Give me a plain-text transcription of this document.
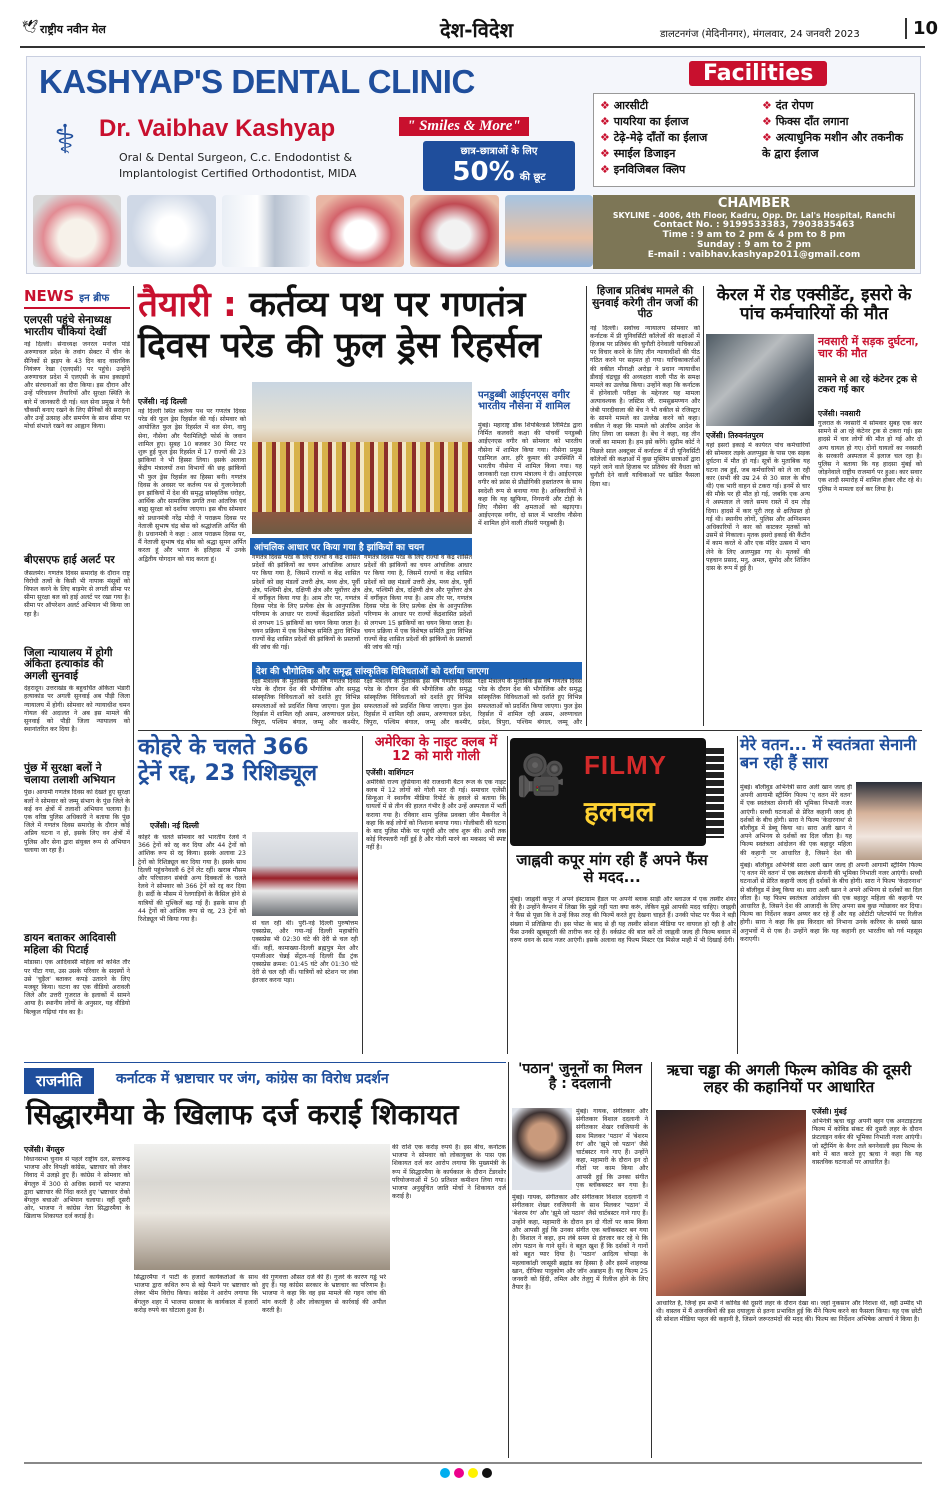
🕊 राष्ट्रीय नवीन मेल	देश-विदेश	डालटनगंज (मेदिनीनगर), मंगलवार, 24 जनवरी 2023	10
KASHYAP'S DENTAL CLINIC
⚕ Dr. Vaibhav Kashyap	" Smiles & More"
Oral & Dental Surgeon, C.c. Endodontist &
Implantologist Certified Orthodontist, MIDA
छात्र-छात्राओं के लिए
50% की छूट
Facilities
❖ आरसीटी
❖ पायरिया का ईलाज
❖ टेढ़े-मेढ़े दाँतों का ईलाज
❖ स्माईल डिजाइन
❖ इनविजिबल क्लिप
❖ दंत रोपण
❖ फिक्स दाँत लगाना
❖ अत्याधुनिक मशीन और तकनीक के द्वारा ईलाज
CHAMBER
SKYLINE - 4006, 4th Floor, Kadru, Opp. Dr. Lal's Hospital, Ranchi
Contact No. : 9199533383, 7903835463
Time : 9 am to 2 pm & 4 pm to 8 pm
Sunday : 9 am to 2 pm
E-mail : vaibhav.kashyap2011@gmail.com
NEWS इन ब्रीफ
एलएसी पहुंचे सेनाध्यक्ष भारतीय चौकियां देखीं
नई दिल्ली। सेनाध्यक्ष जनरल मनोज पांडे अरुणाचल प्रदेश के तवांग सेक्टर में चीन के सैनिकों से झड़प के 43 दिन बाद वास्तविक नियंत्रण रेखा (एलएसी) पर पहुंचे। उन्होंने अरुणाचल प्रदेश में एलएसी के साथ इकाइयों और संरचनाओं का दौरा किया। इस दौरान और उन्हें परिचालन तैयारियों और सुरक्षा स्थिति के बारे में जानकारी दी गई। थल सेना प्रमुख ने पैनी चौकसी बनाए रखने के लिए सैनिकों की सराहना और उन्हें उत्साह और समर्पण के साथ सीमा पर मोर्चा संभाले रखने का आह्वान किया।
बीएसएफ हाई अलर्ट पर
जैसलमेर। गणतंत्र दिवस समारोह के दौरान राष्ट्र विरोधी तत्वों के किसी भी नापाक मंसूबों को विफल करने के लिए बाड़मेर से लगती सीमा पर सीमा सुरक्षा बल को हाई अलर्ट पर रखा गया है। सीमा पर ऑपरेशन अलर्ट अभियान भी किया जा रहा है।
जिला न्यायालय में होगी अंकिता हत्याकांड की अगली सुनवाई
देहरादून। उत्तराखंड के बहुचर्चित अंकिता भंडारी हत्याकांड पर अगली सुनवाई अब पौड़ी जिला न्यायालय में होगी। सोमवार को न्यायाधीश चमन गोयल की अदालत ने अब इस मामले की सुनवाई को पौड़ी जिला न्यायालय को स्थानांतरित कर दिया है।
पुंछ में सुरक्षा बलों ने चलाया तलाशी अभियान
पुंछ। आगामी गणतंत्र दिवस को देखते हुए सुरक्षा बलों ने सोमवार को जम्मू संभाग के पुंछ जिले के कई वन क्षेत्रों में तलाशी अभियान चलाया है। एक वरिष्ठ पुलिस अधिकारी ने बताया कि पुंछ जिले में गणतंत्र दिवस समारोह के दौरान कोई अप्रिय घटना न हो, इसके लिए वन क्षेत्रों में पुलिस और सेना द्वारा संयुक्त रूप से अभियान चलाया जा रहा है।
डायन बताकर आदिवासी महिला की पिटाई
मोडासा। एक आदिवासी महिला को कथित तौर पर पीटा गया, उस उसके परिवार के सदस्यों ने उसे 'चुड़ैल' बताकर कपड़े उतारने के लिए मजबूर किया। घटना का एक वीडियो अरावली जिले और उत्तरी गुजरात के इलाकों में सामने आया है। स्थानीय लोगों के अनुसार, यह वीडियो बिल्कुल गढ़ियां गांव का है।
तैयारी : कर्तव्य पथ पर गणतंत्र
दिवस परेड की फुल ड्रेस रिहर्सल
एजेंसी। नई दिल्ली
नई दिल्ली स्थित कर्तव्य पथ पर गणतंत्र दिवस परेड की फुल ड्रेस रिहर्सल की गई। सोमवार को आयोजित फुल ड्रेस रिहर्सल में थल सेना, वायु सेना, नौसेना और पैरामिलिट्री फोर्स के जवान शामिल हुए। सुबह 10 बजकर 30 मिनट पर शुरू हुई फुल ड्रेस रिहर्सल में 17 राज्यों की 23 झांकियां ने भी हिस्सा लिया। इसके अलावा केंद्रीय मंत्रालयों तथा विभागों की छह झांकियों भी फुल ड्रेस रिहर्सल का हिस्सा बनी। गणतंत्र दिवस के अवसर पर कर्तव्य पथ से गुजरनेवाली इन झांकियों में देश की समृद्ध सांस्कृतिक धरोहर, आर्थिक और सामाजिक प्रगति तथा आंतरिक एवं बाह्य सुरक्षा को दर्शाया जाएगा। इस बीच सोमवार को प्रधानमंत्री नरेंद्र मोदी ने पराक्रम दिवस पर नेताजी सुभाष चंद्र बोस को श्रद्धांजलि अर्पित की है। प्रधानमंत्री ने कहा : आज पराक्रम दिवस पर, मैं नेताजी सुभाष चंद्र बोस को श्रद्धा सुमन अर्पित करता हूं और भारत के इतिहास में उनके अद्वितीय योगदान को याद करता हूं।
आंचलिक आधार पर किया गया है झांकियों का चयन
गणतंत्र दिवस परेड के लिए राज्यों व केंद्र शासित प्रदेशों की झांकियों का चयन आंचलिक आधार पर किया गया है, जिसमें राज्यों व केंद्र शासित प्रदेशों को छह मंडलों उत्तरी क्षेत्र, मध्य क्षेत्र, पूर्वी क्षेत्र, पश्चिमी क्षेत्र, दक्षिणी क्षेत्र और पूर्वोत्तर क्षेत्र में वर्गीकृत किया गया है। आम तौर पर, गणतंत्र दिवस परेड के लिए प्रत्येक क्षेत्र के आनुपातिक परिणाम के आधार पर राज्यों केंद्रशासित प्रदेशों से लगभग 15 झांकियों का चयन किया जाता है। चयन प्रक्रिया में एक विशेषज्ञ समिति द्वारा विभिन्न राज्यों केंद्र शासित प्रदेशों की झांकियों के प्रस्तावों की जांच की गई।
गणतंत्र दिवस परेड के लिए राज्यों व केंद्र शासित प्रदेशों की झांकियों का चयन आंचलिक आधार पर किया गया है, जिसमें राज्यों व केंद्र शासित प्रदेशों को छह मंडलों उत्तरी क्षेत्र, मध्य क्षेत्र, पूर्वी क्षेत्र, पश्चिमी क्षेत्र, दक्षिणी क्षेत्र और पूर्वोत्तर क्षेत्र में वर्गीकृत किया गया है। आम तौर पर, गणतंत्र दिवस परेड के लिए प्रत्येक क्षेत्र के आनुपातिक परिणाम के आधार पर राज्यों केंद्रशासित प्रदेशों से लगभग 15 झांकियों का चयन किया जाता है। चयन प्रक्रिया में एक विशेषज्ञ समिति द्वारा विभिन्न राज्यों केंद्र शासित प्रदेशों की झांकियों के प्रस्तावों की जांच की गई।
पनडुब्बी आईएनएस वगीर भारतीय नौसेना में शामिल
मुंबई। महाराष्ट्र डॉक शिपबिल्डर्स लिमिटेड द्वारा निर्मित कलवरी कक्षा की पांचवीं पनडुब्बी आईएनएस वगीर को सोमवार को भारतीय नौसेना में शामिल किया गया। नौसेना प्रमुख एडमिरल आर. हरि कुमार की उपस्थिति में भारतीय नौसेना में शामिल किया गया। यह जानकारी रक्षा राज्य मंत्रालय ने दी। आईएनएस वगीर को फ्रांस से प्रौद्योगिकी हस्तांतरण के साथ स्वदेशी रूप से बनाया गया है। अधिकारियों ने कहा कि यह खुफिया, निगरानी और टोही के लिए नौसेना की क्षमताओं को बढ़ाएगा। आईएनएस वगीर, दो साल में भारतीय नौसेना में शामिल होने वाली तीसरी पनडुब्बी है।
देश की भौगोलिक और समृद्ध सांस्कृतिक विविधताओं को दर्शाया जाएगा
रक्षा मंत्रालय के मुताबिक इस वर्ष गणतंत्र दिवस परेड के दौरान देश की भौगोलिक और समृद्ध सांस्कृतिक विविधताओं को दर्शाते हुए विभिन्न सफलताओं को प्रदर्शित किया जाएगा। फुल ड्रेस रिहर्सल में शामिल रही असम, अरुणाचल प्रदेश, त्रिपुरा, पश्चिम बंगाल, जम्मू और कश्मीर,
रक्षा मंत्रालय के मुताबिक इस वर्ष गणतंत्र दिवस परेड के दौरान देश की भौगोलिक और समृद्ध सांस्कृतिक विविधताओं को दर्शाते हुए विभिन्न सफलताओं को प्रदर्शित किया जाएगा। फुल ड्रेस रिहर्सल में शामिल रही असम, अरुणाचल प्रदेश, त्रिपुरा, पश्चिम बंगाल, जम्मू और कश्मीर,
रक्षा मंत्रालय के मुताबिक इस वर्ष गणतंत्र दिवस परेड के दौरान देश की भौगोलिक और समृद्ध सांस्कृतिक विविधताओं को दर्शाते हुए विभिन्न सफलताओं को प्रदर्शित किया जाएगा। फुल ड्रेस रिहर्सल में शामिल रही असम, अरुणाचल प्रदेश, त्रिपुरा, पश्चिम बंगाल, जम्मू और
हिजाब प्रतिबंध मामले की सुनवाई करेगी तीन जजों की पीठ
नई दिल्ली। सर्वोच्च न्यायालय सोमवार को कर्नाटक में प्री यूनिवर्सिटी कॉलेजों की कक्षाओं में हिजाब पर प्रतिबंध की चुनौती देनेवाली याचिकाओं पर विचार करने के लिए तीन न्यायाधीशों की पीठ गठित करने पर सहमत हो गया। याचिकाकर्ताओं की वकील मीनाक्षी अरोड़ा ने प्रधान न्यायाधीश डीवाई चंद्रचूड़ की अध्यक्षता वाली पीठ के समक्ष मामले का उल्लेख किया। उन्होंने कहा कि कर्नाटक में होनेवाली परीक्षा के मद्देनजर यह मामला अत्यावश्यक है। जस्टिस जी. रामसुब्रमण्यन और जेबी पारदीवाला की बेंच ने भी वकील से रजिस्ट्रार के सामने मामले का उल्लेख करने को कहा। वकील ने कहा कि मामले को अंतरिम आदेश के लिए लिया जा सकता है। बेंच ने कहा, वह तीन जजों का मामला है। हम इसे करेंगे। सुप्रीम कोर्ट ने पिछले साल अक्टूबर में कर्नाटक में प्री यूनिवर्सिटी कॉलेजों की कक्षाओं में कुछ मुस्लिम छात्राओं द्वारा पहने जाने वाले हिजाब पर प्रतिबंध की वैधता को चुनौती देने वाली याचिकाओं पर खंडित फैसला दिया था।
केरल में रोड एक्सीडेंट, इसरो के पांच कर्मचारियों की मौत
एजेंसी। तिरुवनंतपुरम
यहां इसरो इकाई में कार्यरत पांच कर्मचारियों की सोमवार तड़के अलप्पुझा के पास एक सड़क दुर्घटना में मौत हो गई। सूत्रों के मुताबिक यह घटना तब हुई, जब कर्मचारियों को ले जा रही कार (सभी की उम्र 24 से 30 साल के बीच थी) एक भारी वाहन से टकरा गई। इनमें से चार की मौके पर ही मौत हो गई, जबकि एक अन्य ने अस्पताल ले जाते समय रास्ते में दम तोड़ दिया। हादसे में कार पूरी तरह से क्षतिग्रस्त हो गई थी। स्थानीय लोगों, पुलिस और अग्निशमन अधिकारियों ने कार को काटकर मृतकों को उसमें से निकाला। मृतक इसरो इकाई की कैंटीन में काम करते थे और एक मंदिर उत्सव में भाग लेने के लिए अलप्पुझा गए थे। मृतकों की पहचान प्रसाद, मनु, अमल, सुमोद और शिजिन दास के रूप में हुई है।
नवसारी में सड़क दुर्घटना, चार की मौत
सामने से आ रहे कंटेनर ट्रक से टकरा गई कार
एजेंसी। नवसारी
गुजरात के नवसारी में सोमवार सुबह एक कार सामने से आ रहे कंटेनर ट्रक से टकरा गई। इस हादसे में चार लोगों की मौत हो गई और दो अन्य घायल हो गए। दोनों घायलों का नवसारी के सरकारी अस्पताल में इलाज चल रहा है। पुलिस ने बताया कि यह हादसा मुंबई को जोड़नेवाले राष्ट्रीय राजमार्ग पर हुआ। कार सवार एक शादी समारोह में शामिल होकर लौट रहे थे। पुलिस ने मामला दर्ज कर लिया है।
कोहरे के चलते 366
ट्रेनें रद्द, 23 रिशिड्यूल
एजेंसी। नई दिल्ली
कोहरे के चलते सोमवार को भारतीय रेलवे ने 366 ट्रेनों को रद्द कर दिया और 44 ट्रेनों को आंशिक रूप से रद्द किया। इसके अलावा 23 ट्रेनों को रिशिड्यूल कर दिया गया है। इसके साथ दिल्ली पहुंचनेवाली 6 ट्रेनें लेट रहीं। खराब मौसम और परिचालन संबंधी अन्य दिक्कतों के चलते रेलवे ने सोमवार को 366 ट्रेनें को रद्द कर दिया है। सर्दी के मौसम में रेलगाड़ियों के कैंसिल होने से यात्रियों की मुश्किलें बढ़ गई हैं। इसके साथ ही 44 ट्रेनों को आंशिक रूप से रद्द, 23 ट्रेनों को रिशेड्यूल भी किया गया है।
से चल रही थीं। पुरी-नई दिल्ली पुरुषोत्तम एक्सप्रेस, और गया-नई दिल्ली महाबोधि एक्सप्रेस भी 02:30 घंटे की देरी से चल रही थीं। वहीं, कामाख्या-दिल्ली ब्रह्मपुत्र मेल और एमजीआर चेन्नई सेंट्रल-नई दिल्ली ग्रैंड ट्रंक एक्सप्रेस क्रमश: 01:45 घंटे और 01:30 घंटे देरी से चल रही थीं। यात्रियों को स्टेशन पर लंबा इंतजार करना पड़ा।
अमेरिका के नाइट क्लब में 12 को मारी गोली
एजेंसी। वाशिंगटन
अमेरिकी राज्य लुसियाना की राजधानी बैटन रूज के एक नाइट क्लब में 12 लोगों को गोली मार दी गई। समाचार एजेंसी सिन्हुआ ने स्थानीय मीडिया रिपोर्ट के हवाले से बताया कि घायलों में से तीन की हालत गंभीर है और उन्हें अस्पताल में भर्ती कराया गया है। रविवार शाम पुलिस प्रवक्ता जीन मैकनील ने कहा कि कई लोगों को निशाना बनाया गया। गोलीबारी की घटना के बाद पुलिस मौके पर पहुंची और जांच शुरू की। अभी तक कोई गिरफ्तारी नहीं हुई है और गोली मारने का मकसद भी स्पष्ट नहीं है।
🎥 FILMY
हलचल
जाह्नवी कपूर मांग रही हैं अपने फैंस से मदद...
मुंबई। जाह्नवी कपूर ने अपने इंस्टाग्राम हैंडल पर अपनी ब्लाक साड़ी और ब्लाउज में एक तस्वीर शेयर की है। उन्होंने कैप्शन में लिखा कि मुझे नहीं पता क्या करूं, लेकिन मुझे आपकी मदद चाहिए। जाह्नवी ने फैंस से पूछा कि वे उन्हें किस तरह की फिल्में करते हुए देखना चाहते हैं। उनकी पोस्ट पर फैंस ने बड़ी संख्या में प्रतिक्रिया दी। इस पोस्ट के बाद से ही यह तस्वीर सोशल मीडिया पर वायरल हो रही है और फैंस उनकी खूबसूरती की तारीफ कर रहे हैं। वर्कफ्रंट की बात करें तो जाह्नवी जल्द ही फिल्म बवाल में वरुण धवन के साथ नजर आएंगी। इसके अलावा वह फिल्म मिस्टर एंड मिसेज माही में भी दिखाई देंगी।
मेरे वतन... में स्वतंत्रता सेनानी बन रही हैं सारा
मुंबई। बॉलीवुड अभिनेत्री सारा अली खान जल्द ही अपनी आगामी स्ट्रीमिंग फिल्म 'ए वतन मेरे वतन' में एक स्वतंत्रता सेनानी की भूमिका निभाती नजर आएंगी। सच्ची घटनाओं से प्रेरित कहानी जल्द ही दर्शकों के बीच होगी। सारा ने फिल्म 'केदारनाथ' से बॉलीवुड में डेब्यू किया था। सारा अली खान ने अपने अभिनय से दर्शकों का दिल जीता है। यह फिल्म स्वतंत्रता आंदोलन की एक बहादुर महिला की कहानी पर आधारित है, जिसने देश की
मुंबई। बॉलीवुड अभिनेत्री सारा अली खान जल्द ही अपनी आगामी स्ट्रीमिंग फिल्म 'ए वतन मेरे वतन' में एक स्वतंत्रता सेनानी की भूमिका निभाती नजर आएंगी। सच्ची घटनाओं से प्रेरित कहानी जल्द ही दर्शकों के बीच होगी। सारा ने फिल्म 'केदारनाथ' से बॉलीवुड में डेब्यू किया था। सारा अली खान ने अपने अभिनय से दर्शकों का दिल जीता है। यह फिल्म स्वतंत्रता आंदोलन की एक बहादुर महिला की कहानी पर आधारित है, जिसने देश की आजादी के लिए अपना सब कुछ न्योछावर कर दिया। फिल्म का निर्देशन कन्नन अय्यर कर रहे हैं और यह ओटीटी प्लेटफॉर्म पर रिलीज होगी। सारा ने कहा कि इस किरदार को निभाना उनके करियर के सबसे खास अनुभवों में से एक है। उन्होंने कहा कि यह कहानी हर भारतीय को गर्व महसूस कराएगी।
राजनीति	कर्नाटक में भ्रष्टाचार पर जंग, कांग्रेस का विरोध प्रदर्शन
सिद्धारमैया के खिलाफ दर्ज कराई शिकायत
एजेंसी। बेंगलुरु
विधानसभा चुनाव से पहले राष्ट्रीय दल, सत्तारूढ़ भाजपा और विपक्षी कांग्रेस, भ्रष्टाचार को लेकर विवाद में उलझे हुए हैं। कांग्रेस ने सोमवार को बेंगलुरु में 300 से अधिक स्थानों पर भाजपा द्वारा भ्रष्टाचार की निंदा करते हुए 'भ्रष्टाचार रोको बेंगलुरु बचाओ' अभियान चलाया। वहीं दूसरी ओर, भाजपा ने कांग्रेस नेता सिद्धारमैया के खिलाफ शिकायत दर्ज कराई है।
सिद्धारमैया ने पार्टी के हजारों कार्यकर्ताओं के साथ भाजपा द्वारा कथित रूप से बड़े पैमाने पर भ्रष्टाचार को लेकर भीम विरोध किया। कांग्रेस ने आरोप लगाया कि बेंगलुरु शहर में भाजपा सरकार के कार्यकाल में हजारों करोड़ रुपये का घोटाला हुआ है।
की गुणवत्ता औसत दर्जे की है। गुजरे के कारण गड्ढे भरे हुए हैं। यह कांग्रेस सरकार के भ्रष्टाचार का परिणाम है। भाजपा ने कहा कि वह इस मामले की गहन जांच की मांग करती है और लोकायुक्त से कार्रवाई की अपील करती है।
की राशि एक करोड़ रुपये है। इस बीच, कर्नाटक भाजपा ने सोमवार को लोकायुक्त के पास एक शिकायत दर्ज कर आरोप लगाया कि मुख्यमंत्री के रूप में सिद्धारमैया के कार्यकाल के दौरान टेंडरशोर परियोजनाओं में 50 प्रतिशत कमीशन लिया गया। भाजपा अनुसूचित जाति मोर्चा ने शिकायत दर्ज कराई है।
'पठान' जुनूनों का मिलन है : ददलानी
मुंबई। गायक, संगीतकार और संगीतकार विशाल ददलानी ने संगीतकार शेखर रवजियानी के साथ मिलकर 'पठान' में 'बेशरम रंग' और 'झूमे जो पठान' जैसे चार्टबस्टर गाने गाए हैं। उन्होंने कहा, महामारी के दौरान इन दो गीतों पर काम किया और आपसी हुई कि उनका संगीत एक ब्लॉकबस्टर बन गया है।
मुंबई। गायक, संगीतकार और संगीतकार विशाल ददलानी ने संगीतकार शेखर रवजियानी के साथ मिलकर 'पठान' में 'बेशरम रंग' और 'झूमे जो पठान' जैसे चार्टबस्टर गाने गाए हैं। उन्होंने कहा, महामारी के दौरान इन दो गीतों पर काम किया और आपसी हुई कि उनका संगीत एक ब्लॉकबस्टर बन गया है। विशाल ने कहा, हम लंबे समय से इंतजार कर रहे थे कि लोग पठान के गाने सुनें। वे बहुत खुश हैं कि दर्शकों ने गानों को बहुत प्यार दिया है। 'पठान' आदित्य चोपड़ा के महत्वाकांक्षी जासूसी ब्रह्मांड का हिस्सा है और इसमें शाहरुख खान, दीपिका पादुकोण और जॉन अब्राहम हैं। यह फिल्म 25 जनवरी को हिंदी, तमिल और तेलुगु में रिलीज होने के लिए तैयार है।
ऋचा चड्ढा की अगली फिल्म कोविड की दूसरी लहर की कहानियों पर आधारित
एजेंसी। मुंबई
अभिनेत्री ऋचा चड्ढा अपनी बहन एक अनटाइटल्ड फिल्म में कोविड संकट की दूसरी लहर के दौरान फ्रंटलाइन वर्कर की भूमिका निभाती नजर आएंगी। जो स्ट्रीमिंग के बैनर तले बननेवाली इस फिल्म के बारे में बात करते हुए ऋचा ने कहा कि यह वास्तविक घटनाओं पर आधारित है।
आधारित है, जिन्हें हम सभी ने कोविड की दूसरी लहर के दौरान देखा था। जहां नुकसान और निराशा थी, वहीं उम्मीद भी थी। वास्तव में मैं अजनबियों की इस दयालुता से इतना प्रभावित हुई कि मैंने फिल्म करने का फैसला किया। यह एक छोटी सी सोशल मीडिया पहल की कहानी है, जिसने जरूरतमंदों की मदद की। फिल्म का निर्देशन अभिषेक आचार्य ने किया है।
